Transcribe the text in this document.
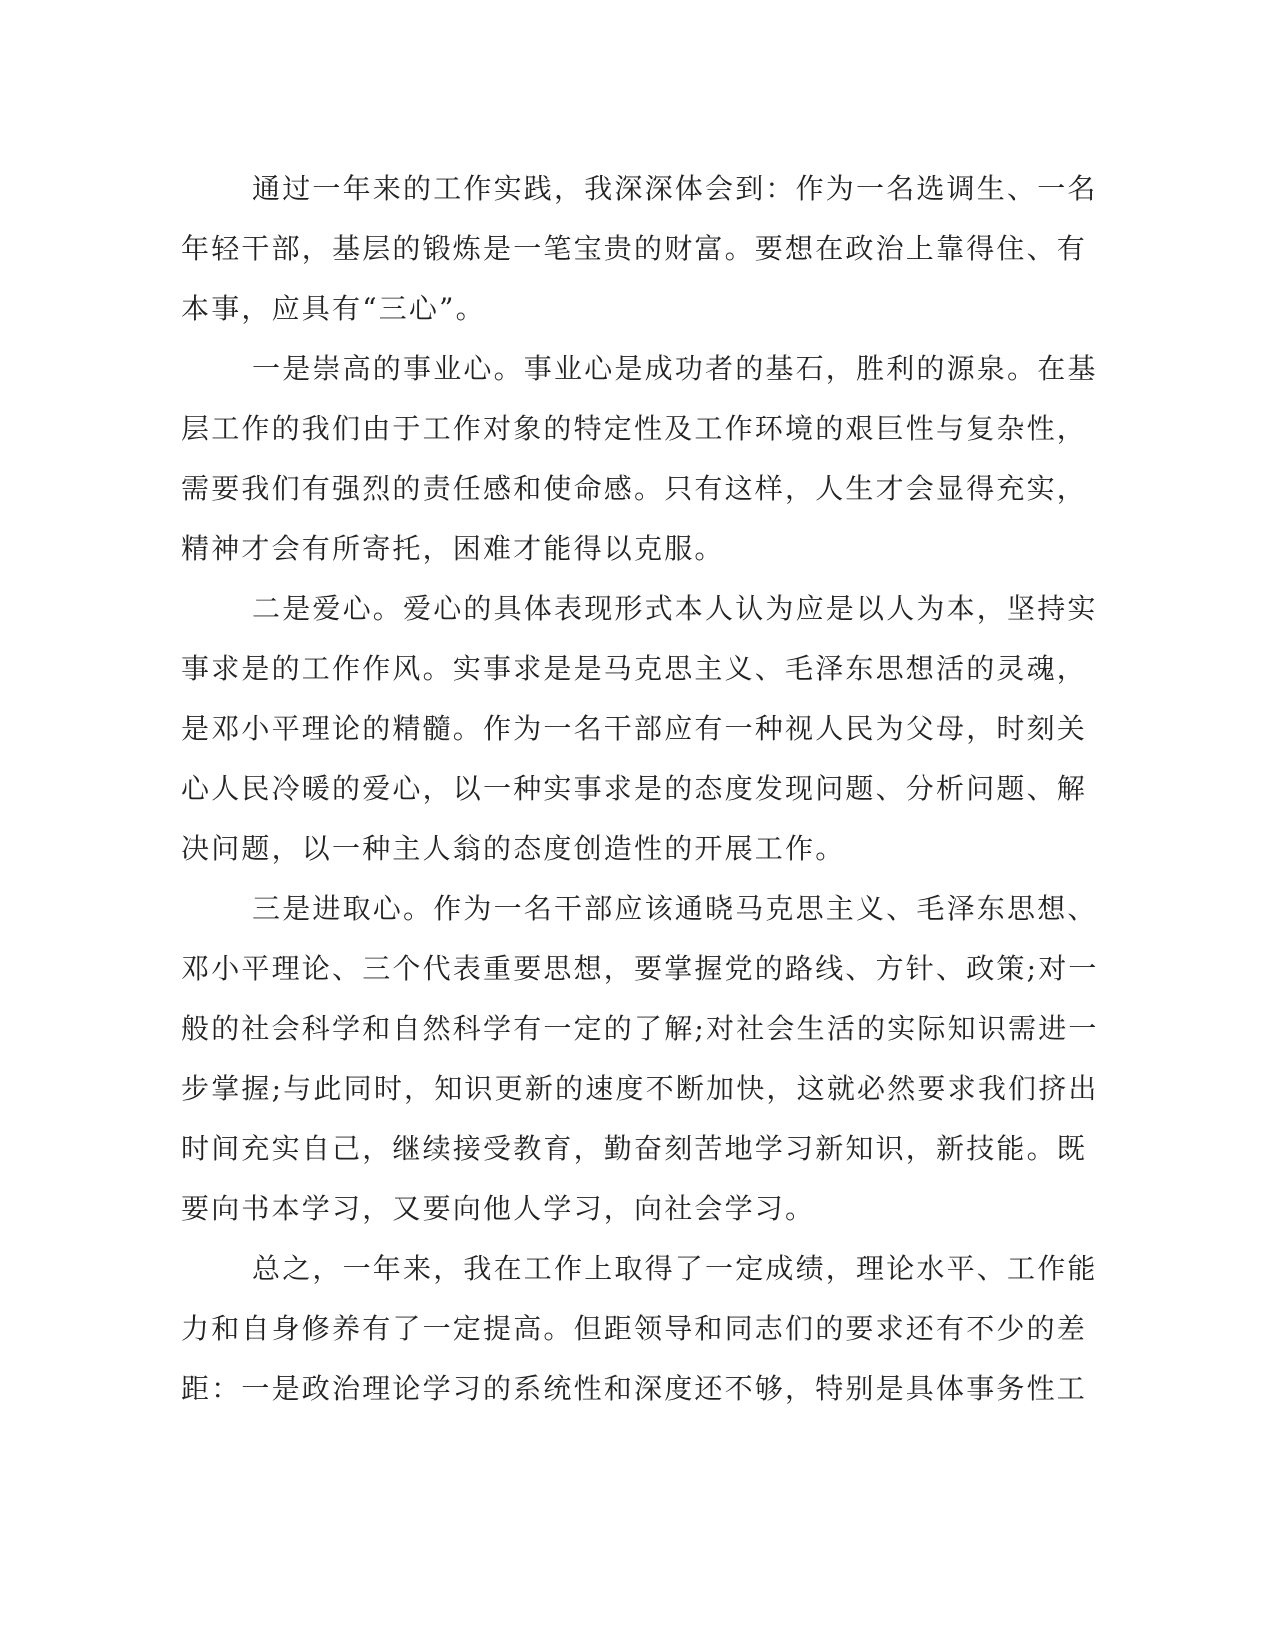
通过一年来的工作实践，我深深体会到：作为一名选调生、一名
年轻干部，基层的锻炼是一笔宝贵的财富。要想在政治上靠得住、有
本事，应具有“三心”。
一是崇高的事业心。事业心是成功者的基石，胜利的源泉。在基
层工作的我们由于工作对象的特定性及工作环境的艰巨性与复杂性，
需要我们有强烈的责任感和使命感。只有这样，人生才会显得充实，
精神才会有所寄托，困难才能得以克服。
二是爱心。爱心的具体表现形式本人认为应是以人为本，坚持实
事求是的工作作风。实事求是是马克思主义、毛泽东思想活的灵魂，
是邓小平理论的精髓。作为一名干部应有一种视人民为父母，时刻关
心人民冷暖的爱心，以一种实事求是的态度发现问题、分析问题、解
决问题，以一种主人翁的态度创造性的开展工作。
三是进取心。作为一名干部应该通晓马克思主义、毛泽东思想、
邓小平理论、三个代表重要思想，要掌握党的路线、方针、政策;对一
般的社会科学和自然科学有一定的了解;对社会生活的实际知识需进一
步掌握;与此同时，知识更新的速度不断加快，这就必然要求我们挤出
时间充实自己，继续接受教育，勤奋刻苦地学习新知识，新技能。既
要向书本学习，又要向他人学习，向社会学习。
总之，一年来，我在工作上取得了一定成绩，理论水平、工作能
力和自身修养有了一定提高。但距领导和同志们的要求还有不少的差
距：一是政治理论学习的系统性和深度还不够，特别是具体事务性工
